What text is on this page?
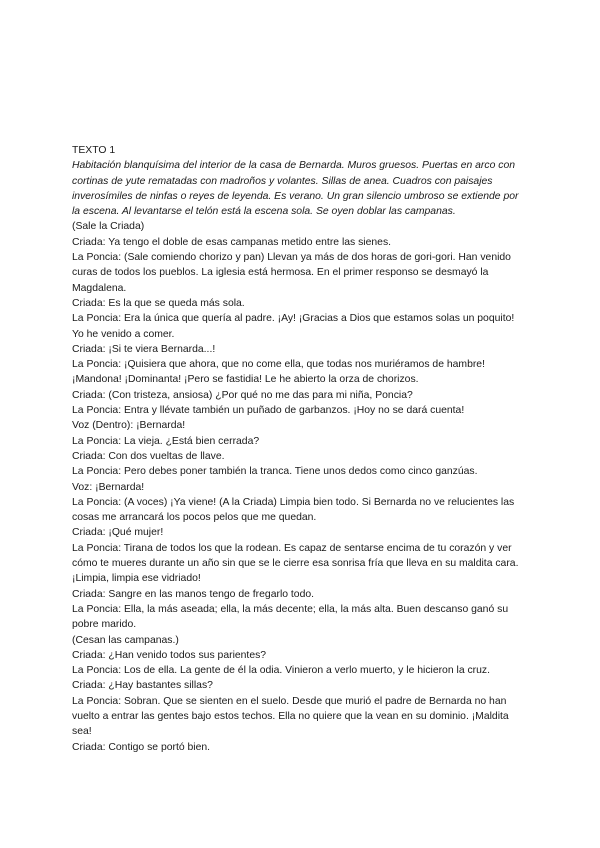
TEXTO 1
Habitación blanquísima del interior de la casa de Bernarda. Muros gruesos. Puertas en arco con cortinas de yute rematadas con madroños y volantes. Sillas de anea. Cuadros con paisajes inverosímiles de ninfas o reyes de leyenda. Es verano. Un gran silencio umbroso se extiende por la escena. Al levantarse el telón está la escena sola. Se oyen doblar las campanas.
(Sale la Criada)
Criada: Ya tengo el doble de esas campanas metido entre las sienes.
La Poncia: (Sale comiendo chorizo y pan) Llevan ya más de dos horas de gori-gori. Han venido curas de todos los pueblos. La iglesia está hermosa. En el primer responso se desmayó la Magdalena.
Criada: Es la que se queda más sola.
La Poncia: Era la única que quería al padre. ¡Ay! ¡Gracias a Dios que estamos solas un poquito! Yo he venido a comer.
Criada: ¡Si te viera Bernarda...!
La Poncia: ¡Quisiera que ahora, que no come ella, que todas nos muriéramos de hambre! ¡Mandona! ¡Dominanta! ¡Pero se fastidia! Le he abierto la orza de chorizos.
Criada: (Con tristeza, ansiosa) ¿Por qué no me das para mi niña, Poncia?
La Poncia: Entra y llévate también un puñado de garbanzos. ¡Hoy no se dará cuenta!
Voz (Dentro): ¡Bernarda!
La Poncia: La vieja. ¿Está bien cerrada?
Criada: Con dos vueltas de llave.
La Poncia: Pero debes poner también la tranca. Tiene unos dedos como cinco ganzúas.
Voz: ¡Bernarda!
La Poncia: (A voces) ¡Ya viene! (A la Criada) Limpia bien todo. Si Bernarda no ve relucientes las cosas me arrancará los pocos pelos que me quedan.
Criada: ¡Qué mujer!
La Poncia: Tirana de todos los que la rodean. Es capaz de sentarse encima de tu corazón y ver cómo te mueres durante un año sin que se le cierre esa sonrisa fría que lleva en su maldita cara. ¡Limpia, limpia ese vidriado!
Criada: Sangre en las manos tengo de fregarlo todo.
La Poncia: Ella, la más aseada; ella, la más decente; ella, la más alta. Buen descanso ganó su pobre marido.
(Cesan las campanas.)
Criada: ¿Han venido todos sus parientes?
La Poncia: Los de ella. La gente de él la odia. Vinieron a verlo muerto, y le hicieron la cruz.
Criada: ¿Hay bastantes sillas?
La Poncia: Sobran. Que se sienten en el suelo. Desde que murió el padre de Bernarda no han vuelto a entrar las gentes bajo estos techos. Ella no quiere que la vean en su dominio. ¡Maldita sea!
Criada: Contigo se portó bien.
